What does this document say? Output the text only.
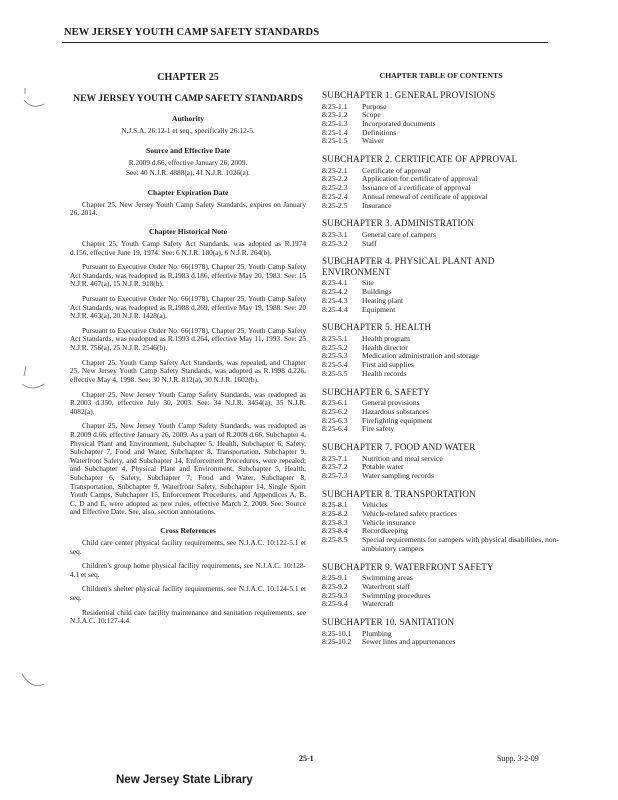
NEW JERSEY YOUTH CAMP SAFETY STANDARDS
CHAPTER 25
NEW JERSEY YOUTH CAMP SAFETY STANDARDS
Authority
N.J.S.A. 26:12-1 et seq., specifically 26:12-5.
Source and Effective Date
R.2009 d.66, effective January 26, 2009.
See: 40 N.J.R. 4888(a), 41 N.J.R. 1026(a).
Chapter Expiration Date
Chapter 25, New Jersey Youth Camp Safety Standards, expires on January 26, 2014.
Chapter Historical Note
Chapter 25, Youth Camp Safety Act Standards, was adopted as R.1974 d.156, effective June 19, 1974. See: 6 N.J.R. 180(a), 6 N.J.R. 264(b).
Pursuant to Executive Order No. 66(1978), Chapter 25, Youth Camp Safety Act Standards, was readopted as R.1983 d.186, effective May 20, 1983. See: 15 N.J.R. 467(a), 15 N.J.R. 918(b).
Pursuant to Executive Order No. 66(1978), Chapter 25, Youth Camp Safety Act Standards, was readopted as R.1988 d.269, effective May 19, 1988. See: 20 N.J.R. 463(a), 20 N.J.R. 1428(a).
Pursuant to Executive Order No. 66(1978), Chapter 25, Youth Camp Safety Act Standards, was readopted as R.1993 d.264, effective May 11, 1993. See: 25 N.J.R. 756(a), 25 N.J.R. 2546(b).
Chapter 25, Youth Camp Safety Act Standards, was repealed, and Chapter 25, New Jersey Youth Camp Safety Standards, was adopted as R.1998 d.226, effective May 4, 1998. See: 30 N.J.R. 812(a), 30 N.J.R. 1602(b).
Chapter 25, New Jersey Youth Camp Safety Standards, was readopted as R.2003 d.350, effective July 30, 2003. See: 34 N.J.R. 3454(a), 35 N.J.R. 4082(a).
Chapter 25, New Jersey Youth Camp Safety Standards, was readopted as R.2009 d.66, effective January 26, 2009. As a part of R.2009 d.66, Subchapter 4, Physical Plant and Environment, Subchapter 5, Health, Subchapter 6, Safety, Subchapter 7, Food and Water, Subchapter 8, Transportation, Subchapter 9, Waterfront Safety, and Subchapter 14, Enforcement Procedures, were repealed; and Subchapter 4, Physical Plant and Environment, Subchapter 5, Health, Subchapter 6, Safety, Subchapter 7, Food and Water, Subchapter 8, Transportation, Subchapter 9, Waterfront Safety, Subchapter 14, Single Sport Youth Camps, Subchapter 15, Enforcement Procedures, and Appendices A, B, C, D and E, were adopted as new rules, effective March 2, 2009. See: Source and Effective Date. See, also, section annotations.
Cross References
Child care center physical facility requirements, see N.J.A.C. 10:122-5.1 et seq.
Children's group home physical facility requirements, see N.J.A.C. 10:128-4.1 et seq.
Children's shelter physical facility requirements, see N.J.A.C. 10:124-5.1 et seq.
Residential child care facility maintenance and sanitation requirements, see N.J.A.C. 10:127-4.4.
CHAPTER TABLE OF CONTENTS
SUBCHAPTER 1. GENERAL PROVISIONS
8:25-1.1	Purpose
8:25-1.2	Scope
8:25-1.3	Incorporated documents
8:25-1.4	Definitions
8:25-1.5	Waiver
SUBCHAPTER 2. CERTIFICATE OF APPROVAL
8:25-2.1	Certificate of approval
8:25-2.2	Application for certificate of approval
8:25-2.3	Issuance of a certificate of approval
8:25-2.4	Annual renewal of certificate of approval
8:25-2.5	Insurance
SUBCHAPTER 3. ADMINISTRATION
8:25-3.1	General care of campers
8:25-3.2	Staff
SUBCHAPTER 4. PHYSICAL PLANT AND ENVIRONMENT
8:25-4.1	Site
8:25-4.2	Buildings
8:25-4.3	Heating plant
8:25-4.4	Equipment
SUBCHAPTER 5. HEALTH
8:25-5.1	Health program
8:25-5.2	Health director
8:25-5.3	Medication administration and storage
8:25-5.4	First aid supplies
8:25-5.5	Health records
SUBCHAPTER 6. SAFETY
8:25-6.1	General provisions
8:25-6.2	Hazardous substances
8:25-6.3	Firefighting equipment
8:25-6.4	Fire safety
SUBCHAPTER 7. FOOD AND WATER
8:25-7.1	Nutrition and meal service
8:25-7.2	Potable water
8:25-7.3	Water sampling records
SUBCHAPTER 8. TRANSPORTATION
8:25-8.1	Vehicles
8:25-8.2	Vehicle-related safety practices
8:25-8.3	Vehicle insurance
8:25-8.4	Recordkeeping
8:25-8.5	Special requirements for campers with physical disabilities, non-ambulatory campers
SUBCHAPTER 9. WATERFRONT SAFETY
8:25-9.1	Swimming areas
8:25-9.2	Waterfront staff
8:25-9.3	Swimming procedures
8:25-9.4	Watercraft
SUBCHAPTER 10. SANITATION
8:25-10.1	Plumbing
8:25-10.2	Sewer lines and appurtenances
25-1	Supp. 3-2-09
New Jersey State Library
